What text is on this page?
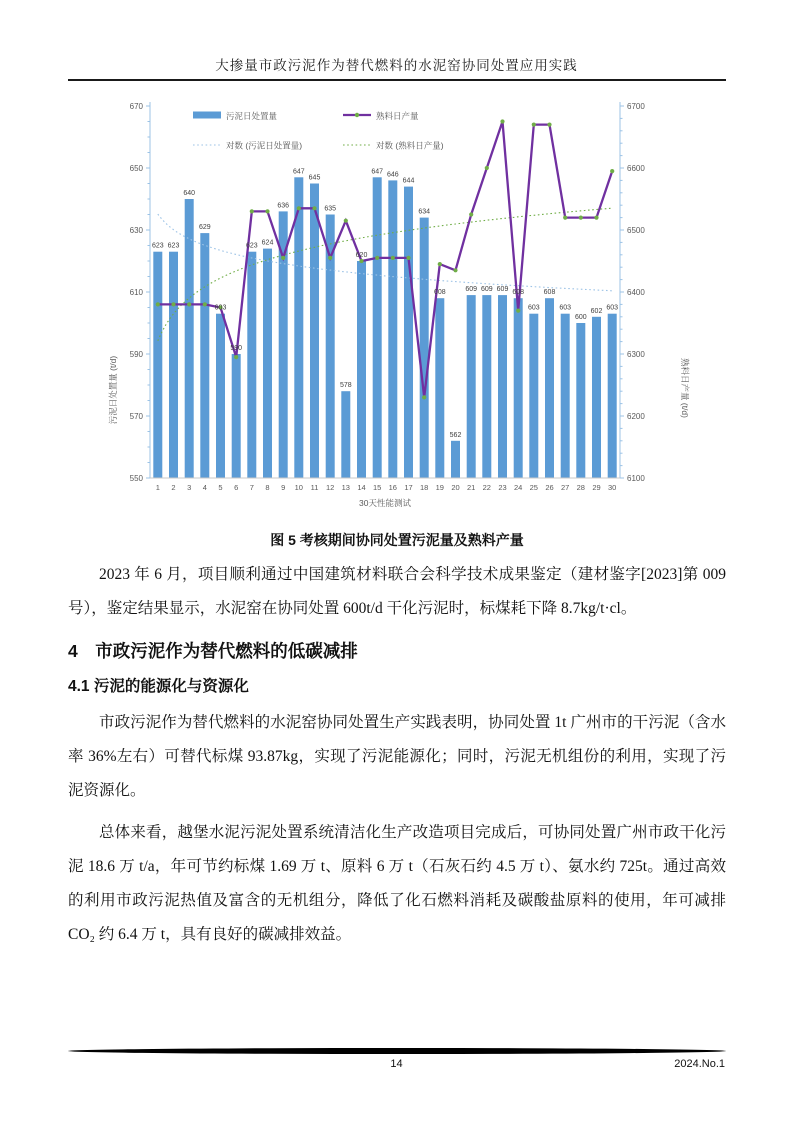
大掺量市政污泥作为替代燃料的水泥窑协同处置应用实践
623 623
640
629
603
590
623 624
636
647
645
635
578
620
647 646
644
634
608
562
609 609 609 608
603
608
603
600
602 603
550
570
590
610
630
650
670
污泥日处置量 (t/d)
6100
6200
6300
6400
6500
6600
6700
熟料日产量 (t/d)
1 2 3 4 5 6 7 8 9 10 11 12 13 14 15 16 17 18 19 20 21 22 23 24 25 26 27 28 29 30
30天性能测试
污泥日处置量	熟料日产量
对数 (污泥日处置量)	对数 (熟料日产量)
图 5 考核期间协同处置污泥量及熟料产量

2023 年 6 月，项目顺利通过中国建筑材料联合会科学技术成果鉴定（建材鉴字[2023]第 009 号），鉴定结果显示，水泥窑在协同处置 600t/d 干化污泥时，标煤耗下降 8.7kg/t·cl。

4　市政污泥作为替代燃料的低碳减排
4.1 污泥的能源化与资源化

市政污泥作为替代燃料的水泥窑协同处置生产实践表明，协同处置 1t 广州市的干污泥（含水率 36%左右）可替代标煤 93.87kg，实现了污泥能源化；同时，污泥无机组份的利用，实现了污泥资源化。

总体来看，越堡水泥污泥处置系统清洁化生产改造项目完成后，可协同处置广州市政干化污泥 18.6 万 t/a，年可节约标煤 1.69 万 t、原料 6 万 t（石灰石约 4.5 万 t）、氨水约 725t。通过高效的利用市政污泥热值及富含的无机组分，降低了化石燃料消耗及碳酸盐原料的使用，年可减排 CO₂ 约 6.4 万 t，具有良好的碳减排效益。

14	2024.No.1
